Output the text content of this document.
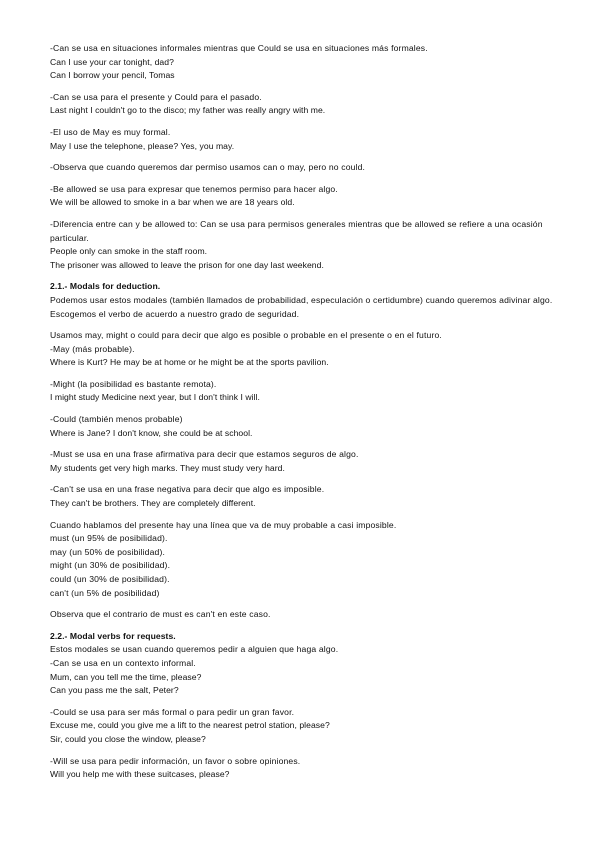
-Can se usa en situaciones informales mientras que Could se usa en situaciones más formales.
Can I use your car tonight, dad?
Can I borrow your pencil, Tomas
-Can se usa para el presente y Could para el pasado.
Last night I couldn't go to the disco; my father was really angry with me.
-El uso de May es muy formal.
May I use the telephone, please? Yes, you may.
-Observa que cuando queremos dar permiso usamos can o may, pero no could.
-Be allowed se usa para expresar que tenemos permiso para hacer algo.
We will be allowed to smoke in a bar when we are 18 years old.
-Diferencia entre can y be allowed to: Can se usa para permisos generales mientras que be allowed se refiere a una ocasión particular.
People only can smoke in the staff room.
The prisoner was allowed to leave the prison for one day last weekend.
2.1.- Modals for deduction.
Podemos usar estos modales (también llamados de probabilidad, especulación o certidumbre) cuando queremos adivinar algo. Escogemos el verbo de acuerdo a nuestro grado de seguridad.
Usamos may, might o could para decir que algo es posible o probable en el presente o en el futuro.
-May (más probable).
Where is Kurt? He may be at home or he might be at the sports pavilion.
-Might (la posibilidad es bastante remota).
I might study Medicine next year, but I don't think I will.
-Could (también menos probable)
Where is Jane? I don't know, she could be at school.
-Must se usa en una frase afirmativa para decir que estamos seguros de algo.
My students get very high marks. They must study very hard.
-Can't se usa en una frase negativa para decir que algo es imposible.
They can't be brothers. They are completely different.
Cuando hablamos del presente hay una línea que va de muy probable a casi imposible.
must (un 95% de posibilidad).
may (un 50% de posibilidad).
might (un 30% de posibilidad).
could (un 30% de posibilidad).
can't (un 5% de posibilidad)
Observa que el contrario de must es can't en este caso.
2.2.- Modal verbs for requests.
Estos modales se usan cuando queremos pedir a alguien que haga algo.
-Can se usa en un contexto informal.
Mum, can you tell me the time, please?
Can you pass me the salt, Peter?
-Could se usa para ser más formal o para pedir un gran favor.
Excuse me, could you give me a lift to the nearest petrol station, please?
Sir, could you close the window, please?
-Will se usa para pedir información, un favor o sobre opiniones.
Will you help me with these suitcases, please?
